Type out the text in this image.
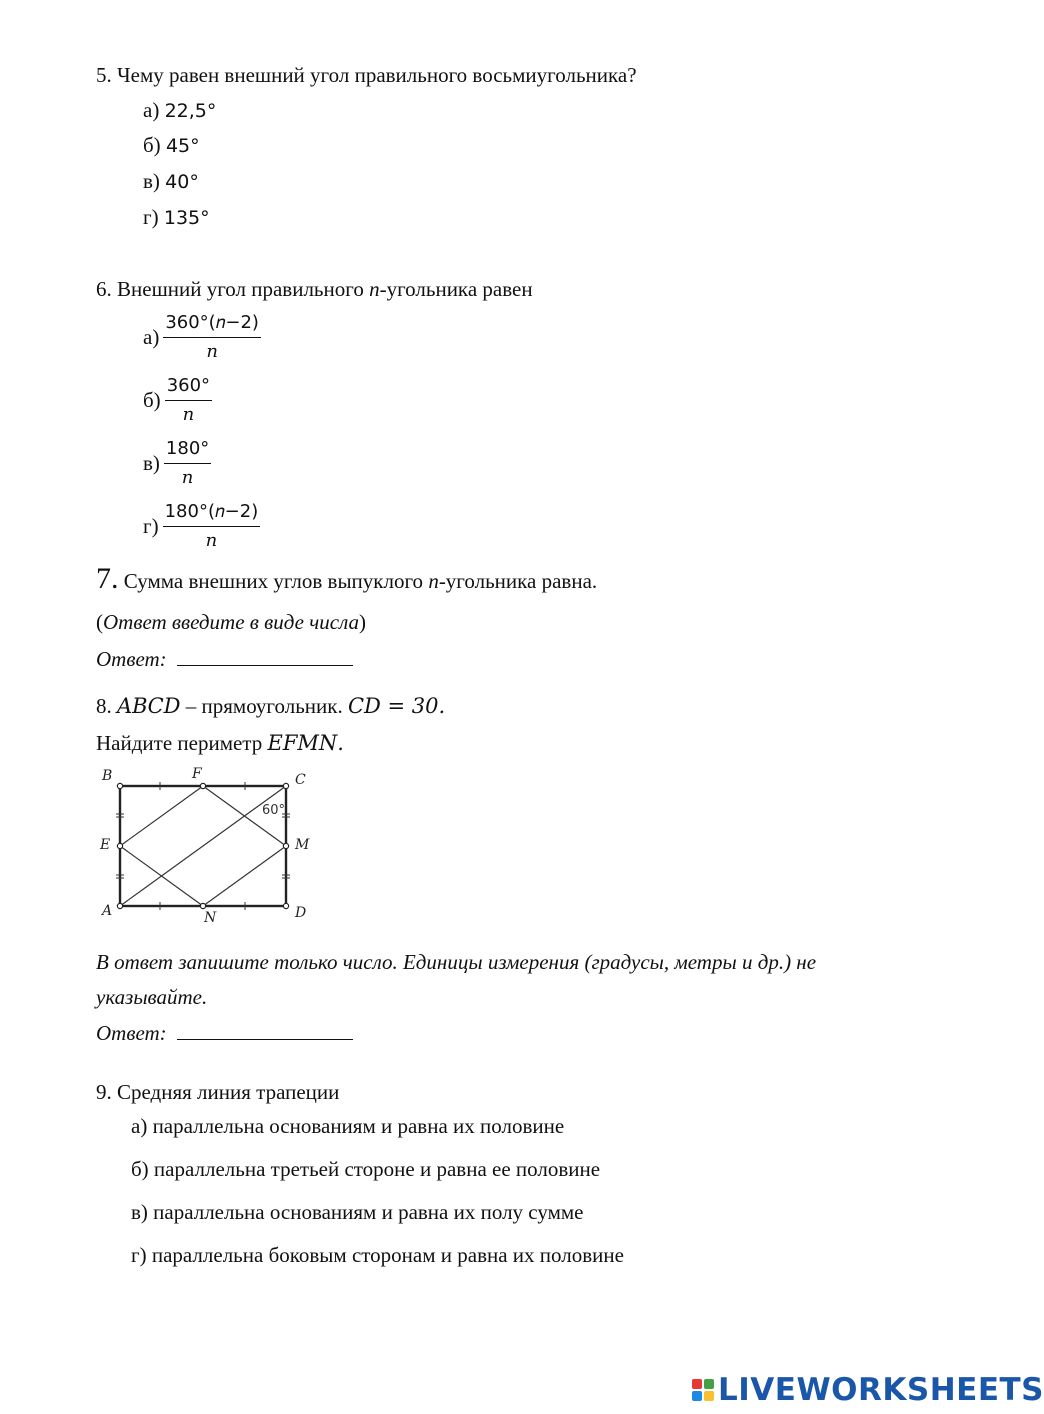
5. Чему равен внешний угол правильного восьмиугольника?
а) 22,5°
б) 45°
в) 40°
г) 135°
6. Внешний угол правильного n-угольника равен
$а) \frac{\text{360°(𝑛−2)}}{\text{𝑛}}$
$б) \frac{360^\circ}{\text{𝑛}}$
$в) \frac{180^\circ}{\text{𝑛}}$
$г) \frac{\text{180°(𝑛−2)}}{\text{𝑛}}$
7. Сумма внешних углов выпуклого n-угольника равна.
(Ответ введите в виде числа)
Ответ:
8. 𝐴𝐵𝐶𝐷 – прямоугольник. 𝐶𝐷 = 30.
Найдите периметр 𝐸𝐹𝑀𝑁.
B	F	C
E	M
A	N	D
60°
В ответ запишите только число. Единицы измерения (градусы, метры и др.) не
указывайте.
Ответ:
9. Средняя линия трапеции
а) параллельна основаниям и равна их половине
б) параллельна третьей стороне и равна ее половине
в) параллельна основаниям и равна их полу сумме
г) параллельна боковым сторонам и равна их половине
LIVEWORKSHEETS
